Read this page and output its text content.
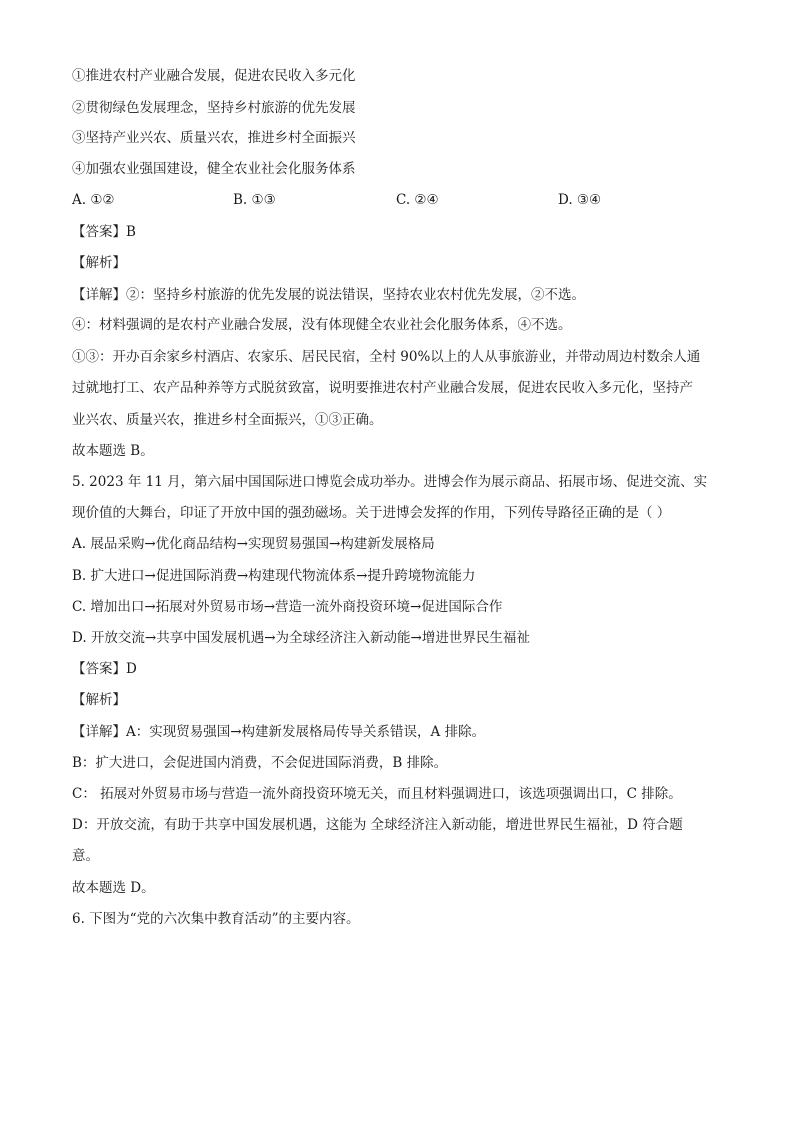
①推进农村产业融合发展，促进农民收入多元化
②贯彻绿色发展理念，坚持乡村旅游的优先发展
③坚持产业兴农、质量兴农，推进乡村全面振兴
④加强农业强国建设，健全农业社会化服务体系
A. ①②	B. ①③	C. ②④	D. ③④
【答案】B
【解析】
【详解】②：坚持乡村旅游的优先发展的说法错误，坚持农业农村优先发展，②不选。
④：材料强调的是农村产业融合发展，没有体现健全农业社会化服务体系，④不选。
①③：开办百余家乡村酒店、农家乐、居民民宿，全村 90%以上的人从事旅游业，并带动周边村数余人通
过就地打工、农产品种养等方式脱贫致富，说明要推进农村产业融合发展，促进农民收入多元化，坚持产
业兴农、质量兴农，推进乡村全面振兴，①③正确。
故本题选 B。
5. 2023 年 11 月，第六届中国国际进口博览会成功举办。进博会作为展示商品、拓展市场、促进交流、实
现价值的大舞台，印证了开放中国的强劲磁场。关于进博会发挥的作用，下列传导路径正确的是（ ）
A. 展品采购→优化商品结构→实现贸易强国→构建新发展格局
B. 扩大进口→促进国际消费→构建现代物流体系→提升跨境物流能力
C. 增加出口→拓展对外贸易市场→营造一流外商投资环境→促进国际合作
D. 开放交流→共享中国发展机遇→为全球经济注入新动能→增进世界民生福祉
【答案】D
【解析】
【详解】A：实现贸易强国→构建新发展格局传导关系错误，A 排除。
B：扩大进口，会促进国内消费，不会促进国际消费，B 排除。
C： 拓展对外贸易市场与营造一流外商投资环境无关，而且材料强调进口，该选项强调出口，C 排除。
D：开放交流，有助于共享中国发展机遇，这能为 全球经济注入新动能，增进世界民生福祉，D 符合题
意。
故本题选 D。
6. 下图为“党的六次集中教育活动”的主要内容。
